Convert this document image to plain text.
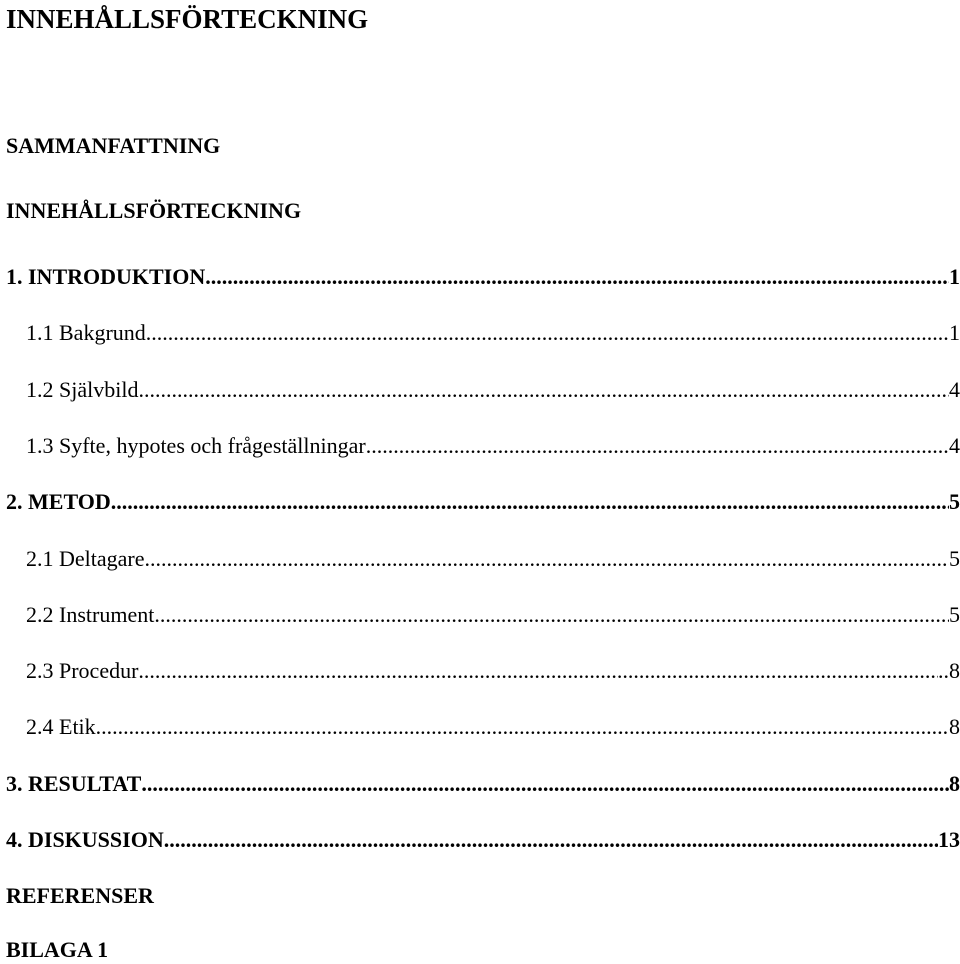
INNEHÅLLSFÖRTECKNING
SAMMANFATTNING
INNEHÅLLSFÖRTECKNING
1. INTRODUKTION .....	1
1.1 Bakgrund .....	1
1.2 Självbild .....	4
1.3 Syfte, hypotes och frågeställningar .....	4
2. METOD .....	5
2.1 Deltagare .....	5
2.2 Instrument .....	5
2.3 Procedur .....	..8
2.4 Etik .....	8
3. RESULTAT .....	8
4. DISKUSSION .....	13
REFERENSER
BILAGA 1
